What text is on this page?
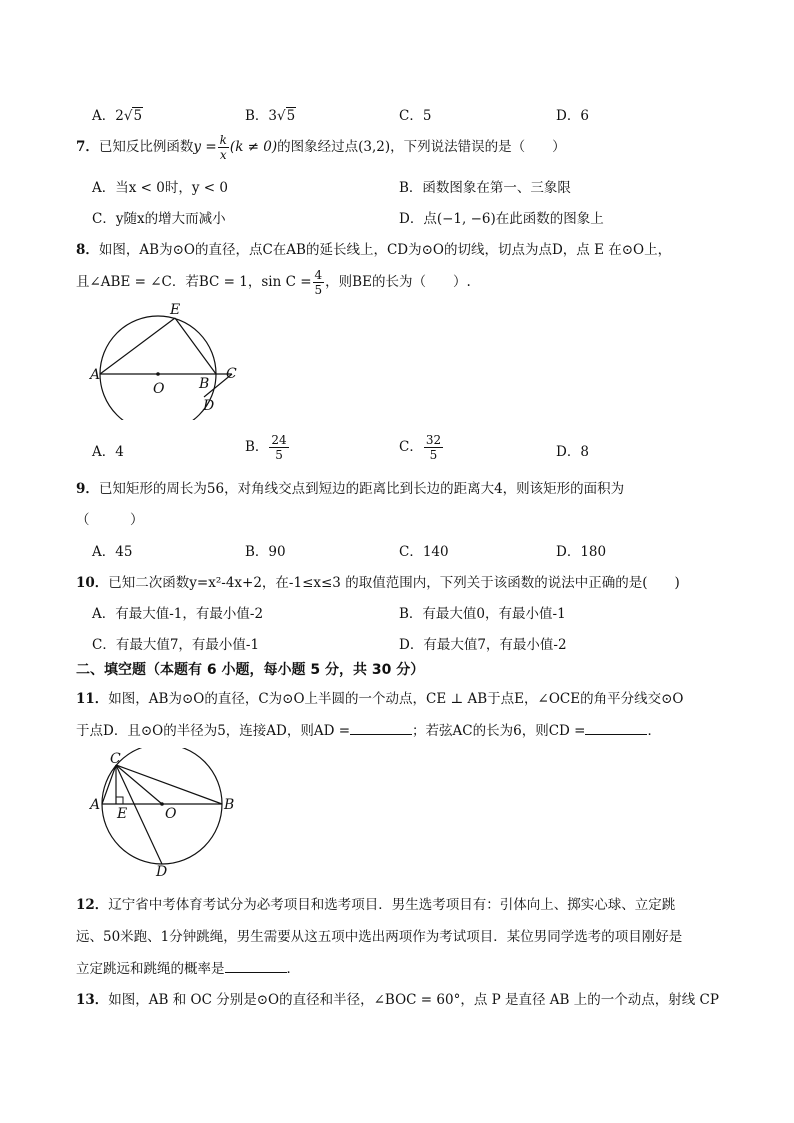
A．2√5	B．3√5	C．5	D．6
7．已知反比例函数$y = \frac{k}{x} (k \ne 0)$的图象经过点(3,2)，下列说法错误的是（　　）
A．当x < 0时，y < 0	B．函数图象在第一、三象限
C．y随x的增大而减小	D．点(−1, −6)在此函数的图象上
8．如图，AB为⊙O的直径，点C在AB的延长线上，CD为⊙O的切线，切点为点D，点 E 在⊙O上，
且∠ABE = ∠C．若BC = 1，$\sin C = \frac{4}{5}$ ，则BE的长为（　　）.
A
E
O B
C
D
A．4	B． $\frac{24}{5}$	C． $\frac{32}{5}$	D．8
9．已知矩形的周长为56，对角线交点到短边的距离比到长边的距离大4，则该矩形的面积为
（　　　）
A．45	B．90	C．140	D．180
10．已知二次函数y=x²-4x+2，在-1≤x≤3 的取值范围内，下列关于该函数的说法中正确的是(　　)
A．有最大值-1，有最小值-2	B．有最大值0，有最小值-1
C．有最大值7，有最小值-1	D．有最大值7，有最小值-2
二、填空题（本题有 6 小题，每小题 5 分，共 30 分）
11．如图，AB为⊙O的直径，C为⊙O上半圆的一个动点，CE ⊥ AB于点E，∠OCE的角平分线交⊙O
于点D．且⊙O的半径为5，连接AD，则AD =	；若弦AC的长为6，则CD =	．
C
A
E	O
B
D
12．辽宁省中考体育考试分为必考项目和选考项目．男生选考项目有：引体向上、掷实心球、立定跳
远、50米跑、1分钟跳绳，男生需要从这五项中选出两项作为考试项目．某位男同学选考的项目刚好是
立定跳远和跳绳的概率是	．
13．如图，AB 和 OC 分别是⊙O的直径和半径，∠BOC = 60°，点 P 是直径 AB 上的一个动点，射线 CP
